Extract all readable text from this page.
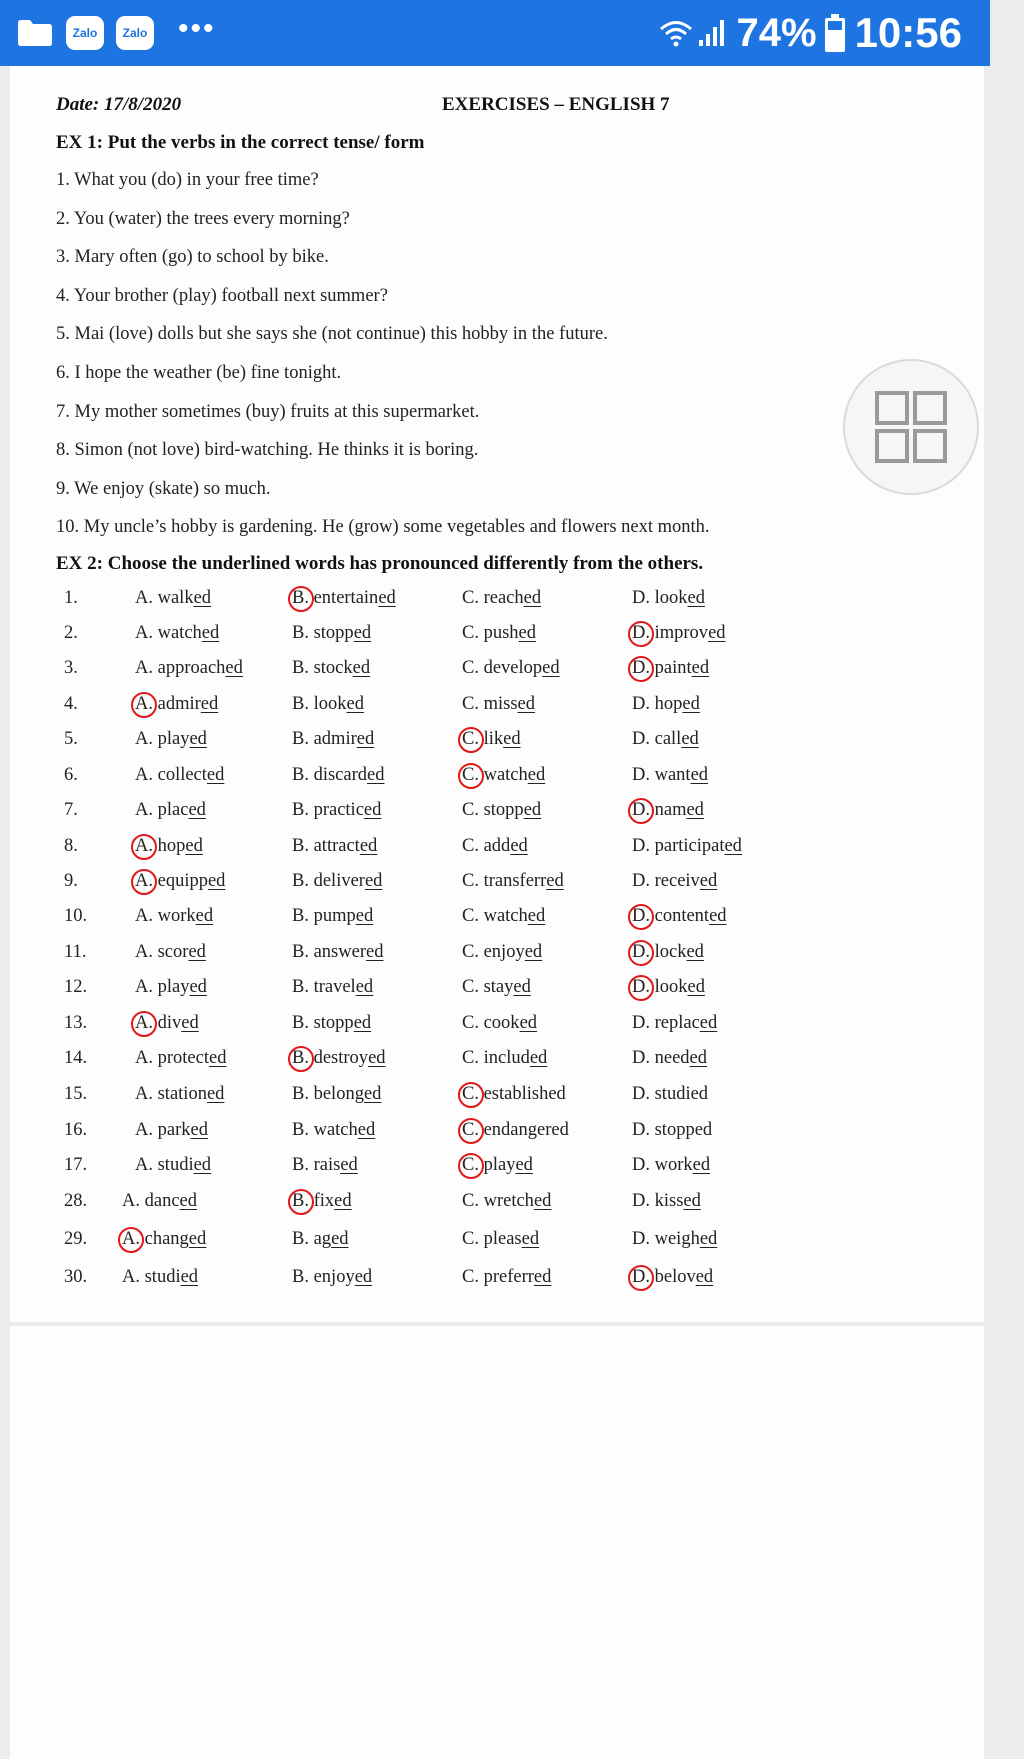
Zalo	Zalo •••	74% 10:56
Date: 17/8/2020	EXERCISES – ENGLISH 7
EX 1: Put the verbs in the correct tense/ form
1. What you (do) in your free time?
2. You (water) the trees every morning?
3. Mary often (go) to school by bike.
4. Your brother (play) football next summer?
5. Mai (love) dolls but she says she (not continue) this hobby in the future.
6. I hope the weather (be) fine tonight.
7. My mother sometimes (buy) fruits at this supermarket.
8. Simon (not love) bird-watching. He thinks it is boring.
9. We enjoy (skate) so much.
10. My uncle’s hobby is gardening. He (grow) some vegetables and flowers next month.
EX 2: Choose the underlined words has pronounced differently from the others.
1.	A. walked	B. entertained	C. reached	D. looked
2.	A. watched	B. stopped	C. pushed	D. improved
3.	A. approached	B. stocked	C. developed	D. painted
4.	A. admired	B. looked	C. missed	D. hoped
5.	A. played	B. admired	C. liked	D. called
6.	A. collected	B. discarded	C. watched	D. wanted
7.	A. placed	B. practiced	C. stopped	D. named
8.	A. hoped	B. attracted	C. added	D. participated
9.	A. equipped	B. delivered	C. transferred	D. received
10.	A. worked	B. pumped	C. watched	D. contented
11.	A. scored	B. answered	C. enjoyed	D. locked
12.	A. played	B. traveled	C. stayed	D. looked
13.	A. dived	B. stopped	C. cooked	D. replaced
14.	A. protected	B. destroyed	C. included	D. needed
15.	A. stationed	B. belonged	C. established	D. studied
16.	A. parked	B. watched	C. endangered	D. stopped
17.	A. studied	B. raised	C. played	D. worked
28. A. danced	B. fixed	C. wretched	D. kissed
29. A. changed	B. aged	C. pleased	D. weighed
30. A. studied	B. enjoyed	C. preferred	D. beloved
